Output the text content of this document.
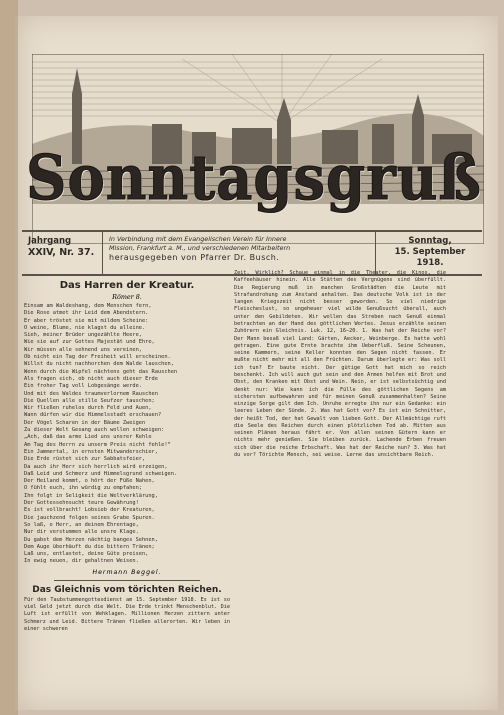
Sonntagsgruß
Jahrgang
XXIV, Nr. 37.
In Verbindung mit dem Evangelischen Verein für Innere
Mission, Frankfurt a. M., und verschiedenen Mitarbeitern
herausgegeben von Pfarrer Dr. Busch.
Sonntag,
15. September 1918.
Das Harren der Kreatur.
Römer 8.
Einsam am Waldeshang, dem Menschen fern,
Die Rose atmet ihr Leid dem Abendstern.
Er aber tröstet sie mit mildem Scheine:
O weine, Blume, nie klagst du alleine.
Sieh, meiner Brüder ungezählte Heere,
Wie sie auf zur Gottes Majestät und Ehre,
Wir müssen alle sehnend uns vereinen,
Ob nicht ein Tag der Freiheit will erscheinen.
Willst du nicht nachhorchen dem Walde lauschen,
Wenn durch die Wipfel nächtens geht das Rauschen
Als fragen sich, ob nicht auch dieser Erde
Ein froher Tag voll Lobgesänge werde.
Und mit des Waldes traumverlornem Rauschen
Die Quellen alle stille Seufzer tauschen;
Wir fließen ruhelos durch Feld und Auen,
Wann dürfen wir die Himmelsstadt erschauen?
Der Vögel Scharen in der Bäume Zweigen
Zu dieser Welt Gesang auch wollen schweigen:
„Ach, daß das arme Lied uns unsrer Kehle
Am Tag des Herrn zu unserm Preis nicht fehle!“
Ein Jammertal, in ernsten Mitwanderschier,
Die Erde rüstet sich zur Sabbatsfeier,
Da auch ihr Herr sich herrlich wird erzeigen,
Daß Leid und Schmerz und Himmelsgrund schweigen.
Der Heiland kommt, o hört der Füße Nahen,
O fühlt euch, ihn würdig zu empfahen;
Ihn folgt in Seligkeit die Weltverklärung,
Der Gottessehnsucht teure Gewährung!
Es ist vollbracht! Lobsieb der Kreaturen,
Die jauchzend folgen seines Grabe Spuren.
So laß, o Herr, an deinem Ehrentage,
Nur dir verstummen alle unsre Klage.
Du gabst dem Herzen nächtig banges Sehnen,
Dem Auge überhäuft du die bittern Tränen;
Laß uns, entlastet, deine Güte preisen,
In ewig neuen, dir gehaltnen Weisen.
Hermann Beggel.
Das Gleichnis vom törichten Reichen.

Für den Taubstummengottesdienst am 15. September 1918. Es ist so viel Geld jetzt durch die Welt. Die Erde trinkt Menschenblut. Die Luft ist erfüllt von Wehklagen. Millionen Herzen zittern unter Schmerz und Leid. Bittere Tränen fließen allerorten. Wir leben in einer schweren

Zeit. Wirklich? Schaue einmal in die Theater, die Kinos, die Kaffeehäuser hinein. Alle Stätten des Vergnügens sind überfüllt. Die Regierung muß in manchen Großstädten die Leute mit Strafandrohung zum Anstand anhalten. Das deutsche Volk ist in der langen Kriegszeit nicht besser geworden. So viel niedrige Fleischeslust, so ungeheuer viel wilde Genußsucht überall, auch unter den Gebildeten. Wir wollen das Streben nach Genuß einmal betrachten an der Hand des göttlichen Wortes. Jesus erzählte seinen Zuhörern ein Gleichnis. Luk. 12, 16—20. 1. Was hat der Reiche vor? Der Mann besaß viel Land: Gärten, Aecker, Weinberge. Es hatte wohl getragen. Eine gute Ernte brachte ihm Ueberfluß. Seine Scheunen, seine Kammern, seine Keller konnten den Segen nicht fassen. Er mußte nicht mehr mit all den Früchten. Darum überlegte er: Was soll ich tun? Er baute nicht. Der gütige Gott hat mich so reich beschenkt. Ich will auch gut sein und den Armen helfen mit Brot und Obst, den Kranken mit Obst und Wein. Nein, er ist selbstsüchtig und denkt nur: Wie kann ich die Fülle des göttlichen Segens am sichersten aufbewahren und für meinen Genuß zusammenhalten? Seine einzige Sorge gilt dem Ich. Unruhe erregte ihn nur ein Gedanke: ein leeres Leben der Sünde. 2. Was hat Gott vor? Es ist ein Schnitter, der heißt Tod, der hat Gewalt vom lieben Gott. Der Allmächtige ruft die Seele des Reichen durch einen plötzlichen Tod ab. Mitten aus seinen Plänen heraus fährt er. Von allen seinen Gütern kann er nichts mehr genießen. Sie bleiben zurück. Lachende Erben freuen sich über die reiche Erbschaft. Was hat der Reiche nun? 3. Was hat du vor? Törichte Mensch, sei weise. Lerne das unsichtbare Reich.
